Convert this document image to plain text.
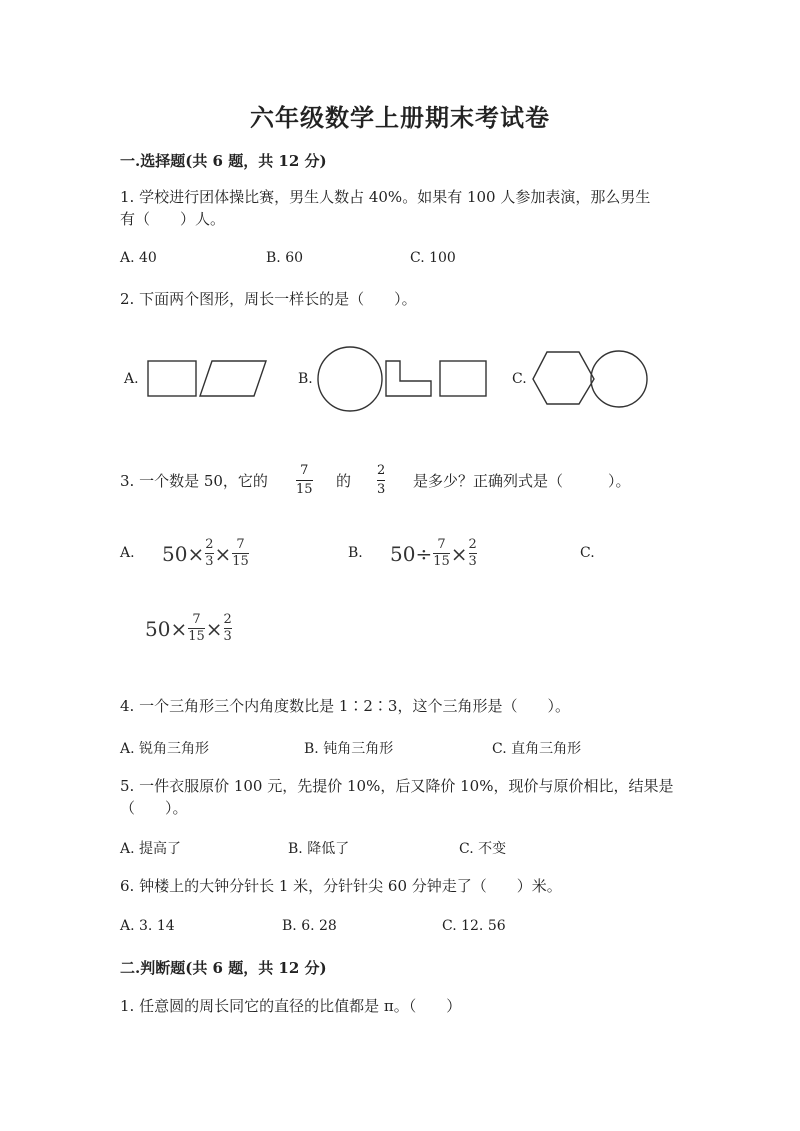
六年级数学上册期末考试卷
一.选择题(共 6 题，共 12 分)
1. 学校进行团体操比赛，男生人数占 40%。如果有 100 人参加表演，那么男生
有（　　）人。
A. 40	B. 60	C. 100
2. 下面两个图形，周长一样长的是（　　）。
A.	B.	C.
3. 一个数是 50，它的
7
15 的
2
3 是多少？正确列式是（　　　）。
A. 50 × 2
3 × 7
15
B. 50 ÷ 7
15 × 2
3
C.
50 × 7
15 × 2
3
4. 一个三角形三个内角度数比是 1∶2∶3，这个三角形是（　　）。
A. 锐角三角形	B. 钝角三角形	C. 直角三角形
5. 一件衣服原价 100 元，先提价 10%，后又降价 10%，现价与原价相比，结果是
（　　）。
A. 提高了	B. 降低了	C. 不变
6. 钟楼上的大钟分针长 1 米，分针针尖 60 分钟走了（　　）米。
A. 3. 14	B. 6. 28	C. 12. 56
二.判断题(共 6 题，共 12 分)
1. 任意圆的周长同它的直径的比值都是 π。（　　）
